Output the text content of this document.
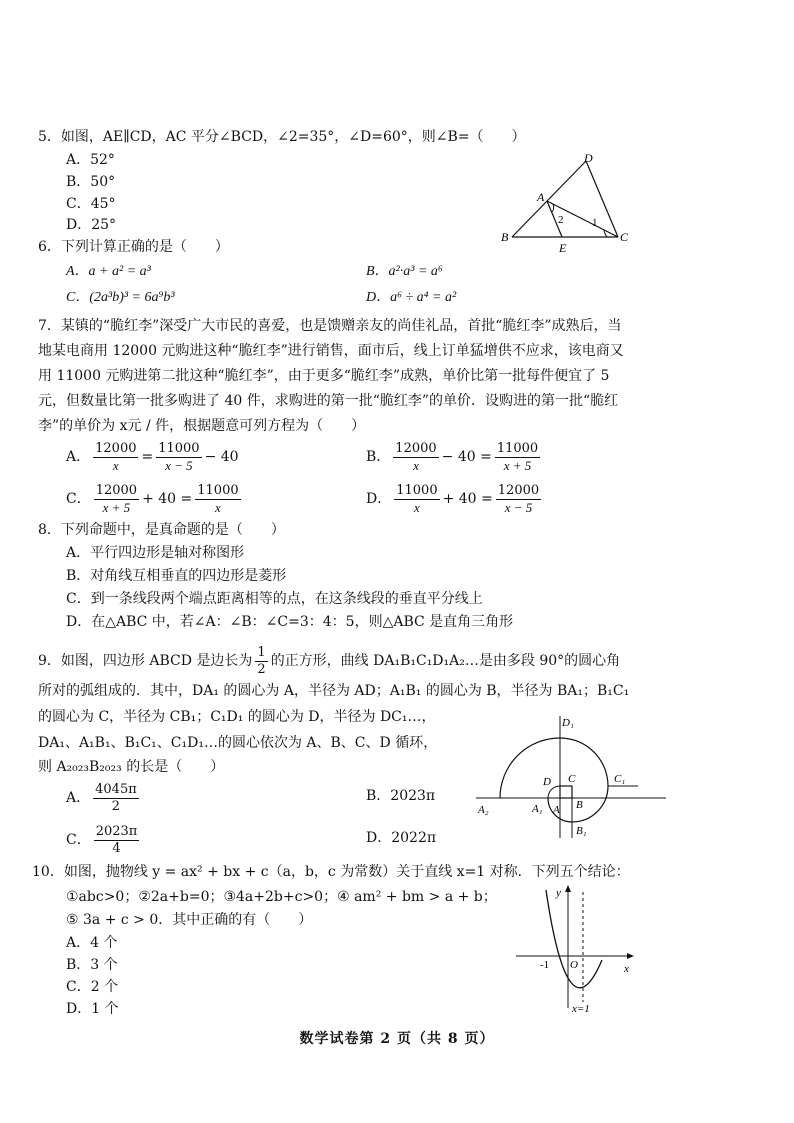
5．如图，AE∥CD，AC 平分∠BCD，∠2=35°，∠D=60°，则∠B=（　　）
A．52°
B．50°
C．45°
D．25°
D
A
B
E
C
2	1
6．下列计算正确的是（　　）
A．a + a² = a³	B．a²·a³ = a⁶
C．(2a³b)³ = 6a⁹b³	D．a⁶ ÷ a⁴ = a²
7．某镇的“脆红李”深受广大市民的喜爱，也是馈赠亲友的尚佳礼品，首批“脆红李”成熟后，当地某电商用 12000 元购进这种“脆红李”进行销售，面市后，线上订单猛增供不应求，该电商又用 11000 元购进第二批这种“脆红李”，由于更多“脆红李”成熟，单价比第一批每件便宜了 5 元，但数量比第一批多购进了 40 件，求购进的第一批“脆红李”的单价．设购进的第一批“脆红李”的单价为 x元 / 件，根据题意可列方程为（　　）
A． $\frac{12000}{x} = \frac{11000}{x - 5} - 40$	B． $\frac{12000}{x} - 40 = \frac{11000}{x + 5}$
C． $\frac{12000}{x + 5} + 40 = \frac{11000}{x}$	D． $\frac{11000}{x} + 40 = \frac{12000}{x - 5}$
8．下列命题中，是真命题的是（　　）
A．平行四边形是轴对称图形
B．对角线互相垂直的四边形是菱形
C．到一条线段两个端点距离相等的点，在这条线段的垂直平分线上
D．在△ABC 中，若∠A：∠B：∠C=3：4：5，则△ABC 是直角三角形
9．如图，四边形 ABCD 是边长为 $\frac{1}{2}$ 的正方形，曲线 DA₁B₁C₁D₁A₂…是由多段 90°的圆心角
所对的弧组成的．其中，DA₁ 的圆心为 A，半径为 AD；A₁B₁ 的圆心为 B，半径为 BA₁；B₁C₁
的圆心为 C，半径为 CB₁；C₁D₁ 的圆心为 D，半径为 DC₁…，
DA₁、A₁B₁、B₁C₁、C₁D₁…的圆心依次为 A、B、C、D 循环，
则 A₂₀₂₃B₂₀₂₃ 的长是（　　）
A． $\frac{4045\pi}{2}$	B．2023π
C． $\frac{2023\pi}{4}$	D．2022π
D₁
D C	C₁
A₂	A₁ A B
B₁
10．如图，抛物线 y = ax² + bx + c（a，b，c 为常数）关于直线 x=1 对称．下列五个结论：
①abc>0；②2a+b=0；③4a+2b+c>0；④ am² + bm > a + b；
⑤ 3a + c > 0．其中正确的有（　　）
A．4 个
B．3 个
C．2 个
D．1 个
y
x
O
-1
x=1
数学试卷第 2 页（共 8 页）
